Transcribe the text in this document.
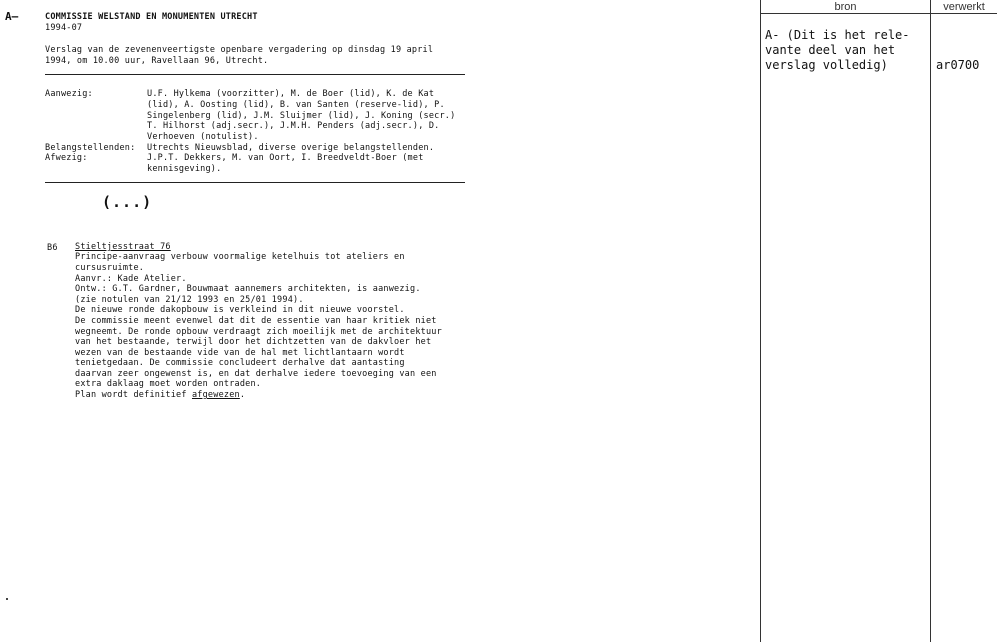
A—	COMMISSIE WELSTAND EN MONUMENTEN UTRECHT
1994-07
Verslag van de zevenenveertigste openbare vergadering op dinsdag 19 april
1994, om 10.00 uur, Ravellaan 96, Utrecht.
Aanwezig:	U.F. Hylkema (voorzitter), M. de Boer (lid), K. de Kat
(lid), A. Oosting (lid), B. van Santen (reserve-lid), P.
Singelenberg (lid), J.M. Sluijmer (lid), J. Koning (secr.)
T. Hilhorst (adj.secr.), J.M.H. Penders (adj.secr.), D.
Verhoeven (notulist).
Belangstellenden: Utrechts Nieuwsblad, diverse overige belangstellenden.
Afwezig:	J.P.T. Dekkers, M. van Oort, I. Breedveldt-Boer (met
kennisgeving).
(...)
B6 Stieltjesstraat 76
Principe-aanvraag verbouw voormalige ketelhuis tot ateliers en
cursusruimte.
Aanvr.: Kade Atelier.
Ontw.: G.T. Gardner, Bouwmaat aannemers architekten, is aanwezig.
(zie notulen van 21/12 1993 en 25/01 1994).
De nieuwe ronde dakopbouw is verkleind in dit nieuwe voorstel.
De commissie meent evenwel dat dit de essentie van haar kritiek niet
wegneemt. De ronde opbouw verdraagt zich moeilijk met de architektuur
van het bestaande, terwijl door het dichtzetten van de dakvloer het
wezen van de bestaande vide van de hal met lichtlantaarn wordt
tenietgedaan. De commissie concludeert derhalve dat aantasting
daarvan zeer ongewenst is, en dat derhalve iedere toevoeging van een
extra daklaag moet worden ontraden.
Plan wordt definitief afgewezen.
bron	verwerkt
A- (Dit is het rele-
vante deel van het
verslag volledig)	ar0700
